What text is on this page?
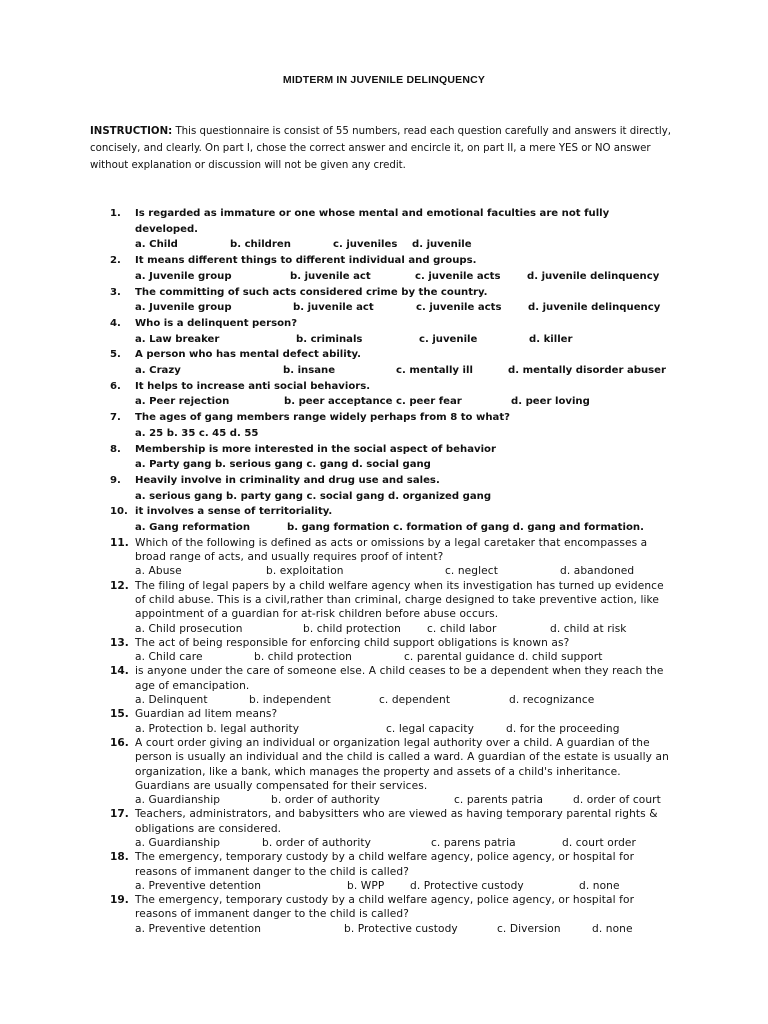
MIDTERM IN JUVENILE DELINQUENCY
INSTRUCTION: This questionnaire is consist of 55 numbers, read each question carefully and answers it directly, concisely, and clearly. On part I, chose the correct answer and encircle it, on part II, a mere YES or NO answer without explanation or discussion will not be given any credit.
1.	Is regarded as immature or one whose mental and emotional faculties are not fully developed.
a. Child	b. children	c. juveniles d. juvenile
2.	It means different things to different individual and groups.
a. Juvenile group	b. juvenile act	c. juvenile acts	d. juvenile delinquency
3.	The committing of such acts considered crime by the country.
a. Juvenile group	b. juvenile act	c. juvenile acts	d. juvenile delinquency
4.	Who is a delinquent person?
a. Law breaker	b. criminals	c. juvenile	d. killer
5.	A person who has mental defect ability.
a. Crazy	b. insane	c. mentally ill	d. mentally disorder abuser
6.	It helps to increase anti social behaviors.
a. Peer rejection	b. peer acceptance c. peer fear	d. peer loving
7.	The ages of gang members range widely perhaps from 8 to what?
a. 25 b. 35 c. 45 d. 55
8.	Membership is more interested in the social aspect of behavior
a. Party gang b. serious gang c. gang d. social gang
9.	Heavily involve in criminality and drug use and sales.
a. serious gang b. party gang c. social gang d. organized gang
10. it involves a sense of territoriality.
a. Gang reformation	b. gang formation c. formation of gang d. gang and formation.
11. Which of the following is defined as acts or omissions by a legal caretaker that encompasses a broad range of acts, and usually requires proof of intent?
a. Abuse	b. exploitation	c. neglect	d. abandoned
12. The filing of legal papers by a child welfare agency when its investigation has turned up evidence of child abuse. This is a civil,rather than criminal, charge designed to take preventive action, like appointment of a guardian for at-risk children before abuse occurs.
a. Child prosecution	b. child protection c. child labor	d. child at risk
13. The act of being responsible for enforcing child support obligations is known as?
a. Child care	b. child protection	c. parental guidance d. child support
14. is anyone under the care of someone else. A child ceases to be a dependent when they reach the age of emancipation.
a. Delinquent	b. independent	c. dependent	d. recognizance
15. Guardian ad litem means?
a. Protection b. legal authority	c. legal capacity	d. for the proceeding
16. A court order giving an individual or organization legal authority over a child. A guardian of the person is usually an individual and the child is called a ward. A guardian of the estate is usually an organization, like a bank, which manages the property and assets of a child's inheritance. Guardians are usually compensated for their services.
a. Guardianship	b. order of authority	c. parents patria	d. order of court
17. Teachers, administrators, and babysitters who are viewed as having temporary parental rights & obligations are considered.
a. Guardianship	b. order of authority	c. parens patria	d. court order
18. The emergency, temporary custody by a child welfare agency, police agency, or hospital for reasons of immanent danger to the child is called?
a. Preventive detention	b. WPP d. Protective custody	d. none
19. The emergency, temporary custody by a child welfare agency, police agency, or hospital for reasons of immanent danger to the child is called?
a. Preventive detention	b. Protective custody	c. Diversion	d. none
